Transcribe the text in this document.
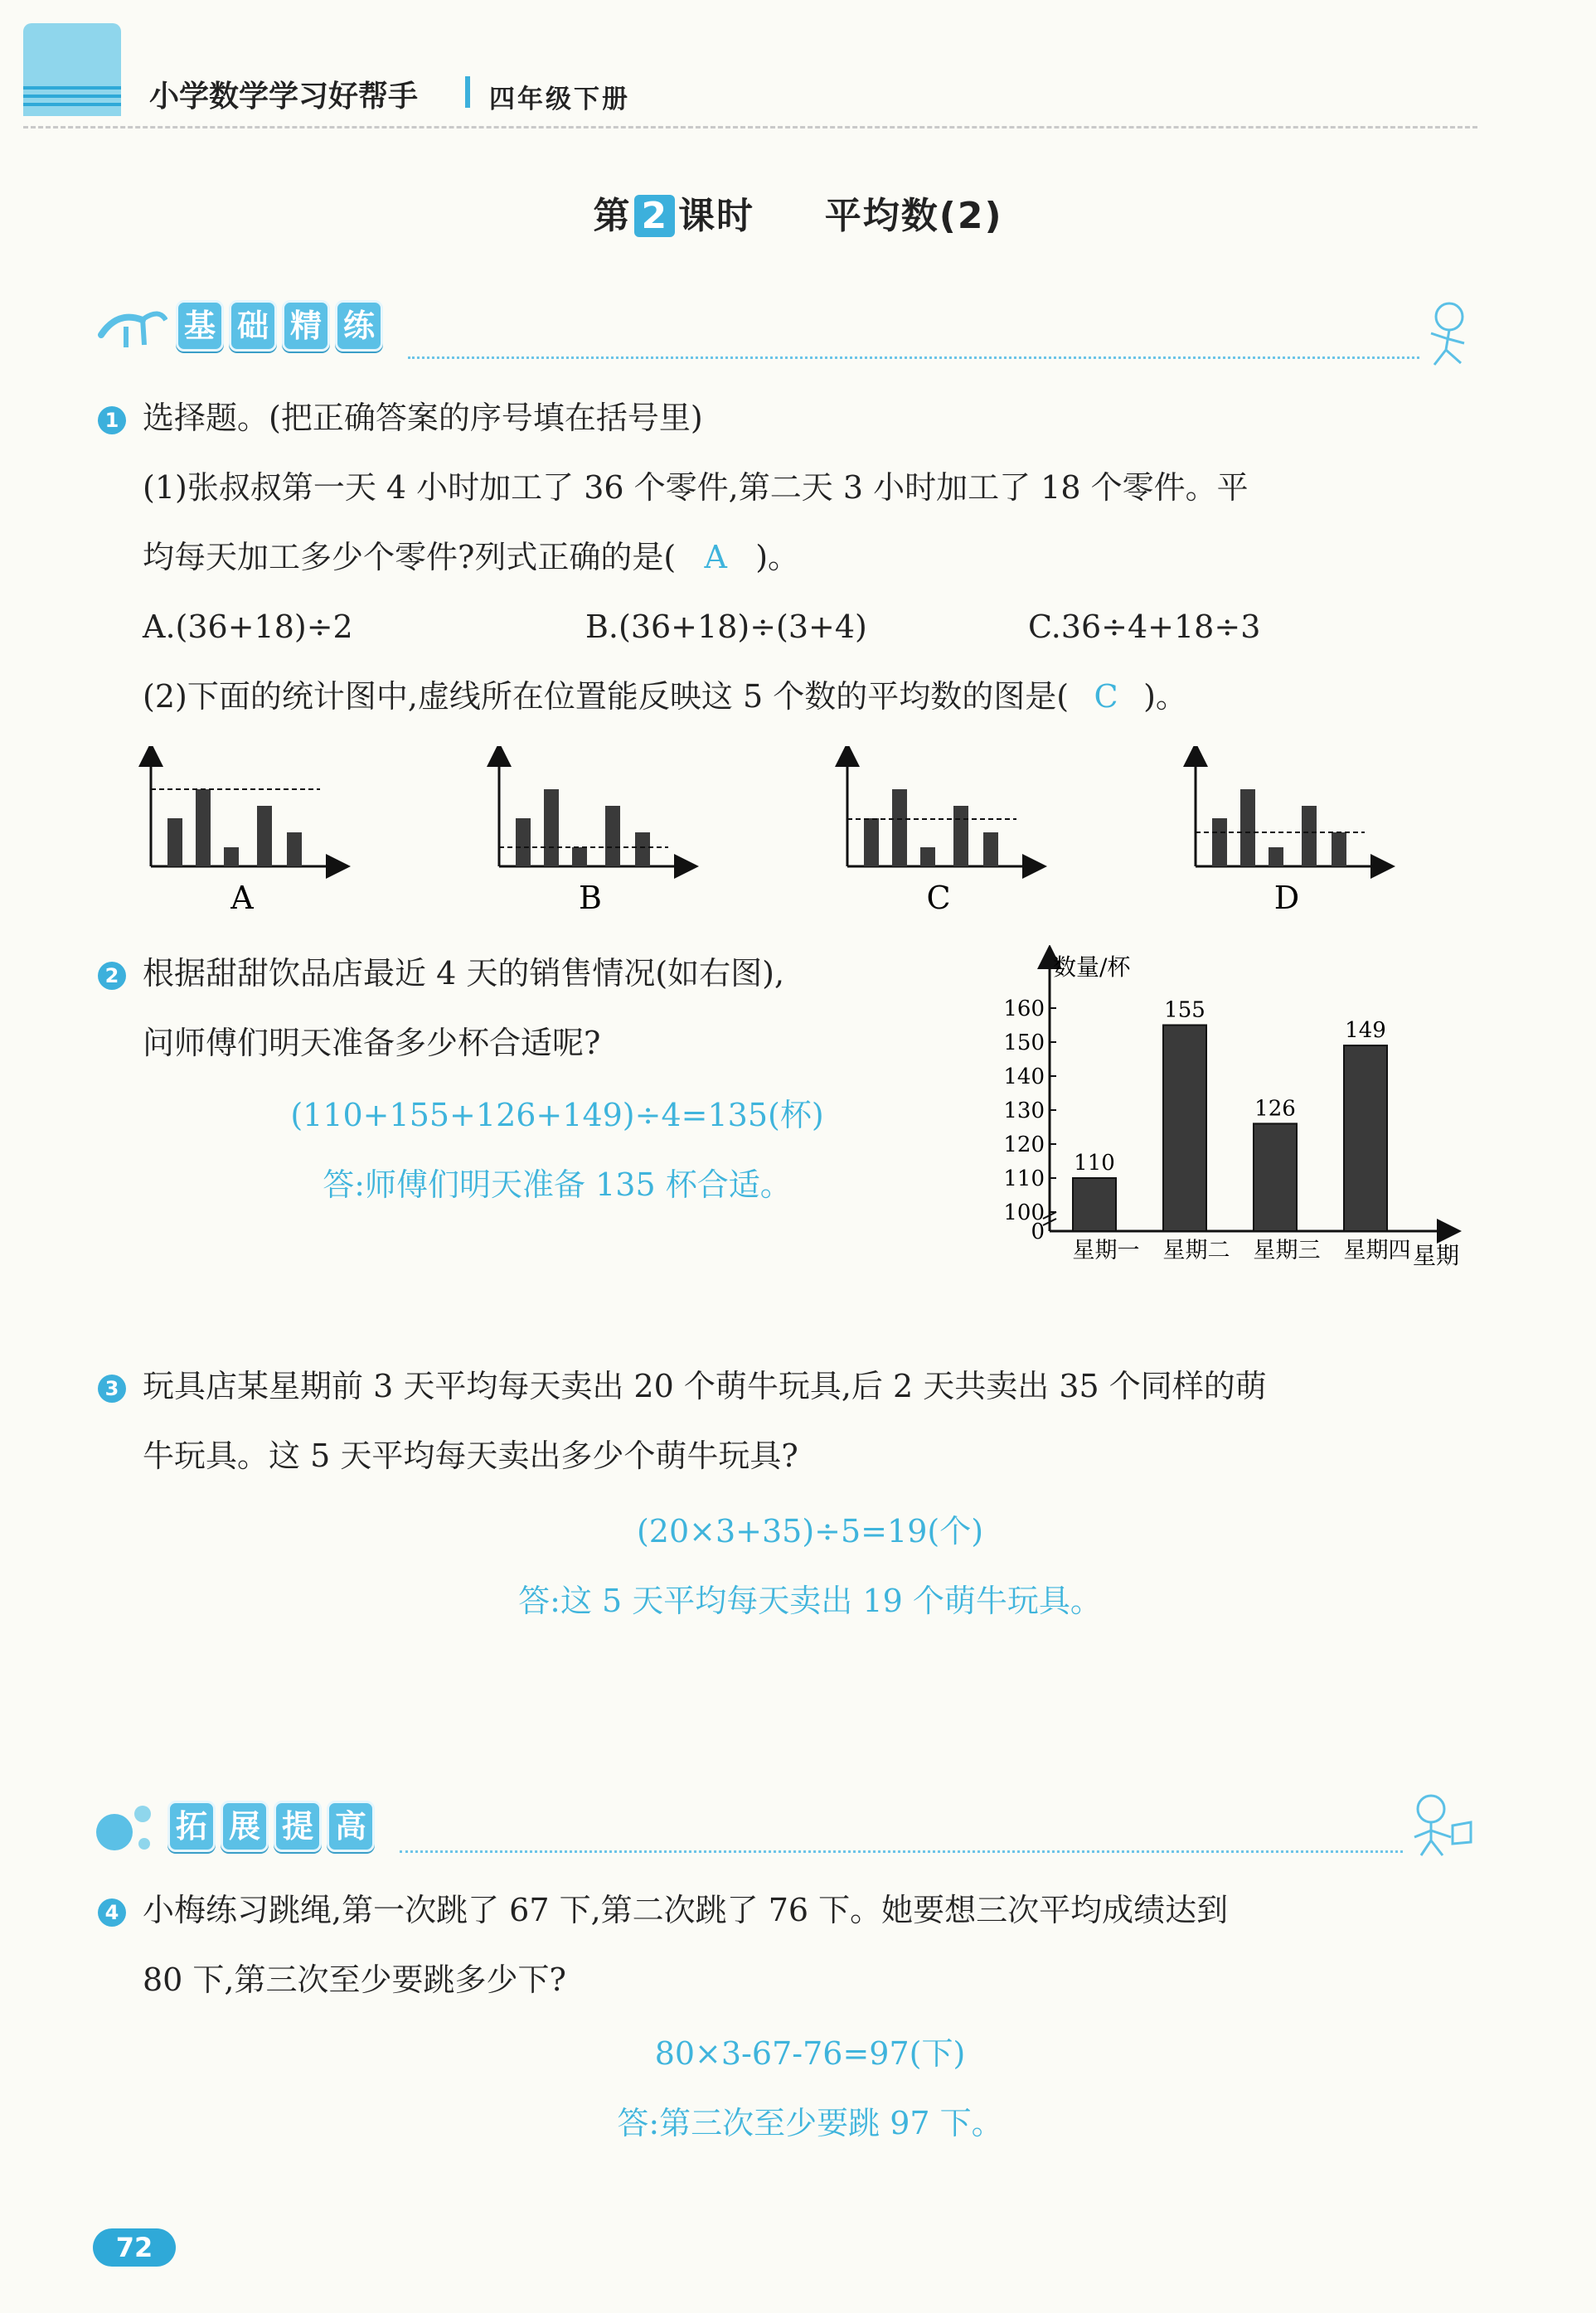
小学数学学习好帮手	四年级下册
第 2 课时 平均数(2)
基 础 精 练
1 选择题。(把正确答案的序号填在括号里)
(1)张叔叔第一天 4 小时加工了 36 个零件,第二天 3 小时加工了 18 个零件。平
均每天加工多少个零件?列式正确的是( A )。
A.(36+18)÷2	B.(36+18)÷(3+4)	C.36÷4+18÷3
(2)下面的统计图中,虚线所在位置能反映这 5 个数的平均数的图是( C )。
A	B	C	D
2 根据甜甜饮品店最近 4 天的销售情况(如右图),
问师傅们明天准备多少杯合适呢?
(110+155+126+149)÷4=135(杯)
答:师傅们明天准备 135 杯合适。
数量/杯
星期
0
100
110
120
130
140
150
160
110
星期一
155
星期二
126
星期三
149
星期四
3 玩具店某星期前 3 天平均每天卖出 20 个萌牛玩具,后 2 天共卖出 35 个同样的萌
牛玩具。这 5 天平均每天卖出多少个萌牛玩具?
(20×3+35)÷5=19(个)
答:这 5 天平均每天卖出 19 个萌牛玩具。
拓 展 提 高
4 小梅练习跳绳,第一次跳了 67 下,第二次跳了 76 下。她要想三次平均成绩达到
80 下,第三次至少要跳多少下?
80×3-67-76=97(下)
答:第三次至少要跳 97 下。
72
